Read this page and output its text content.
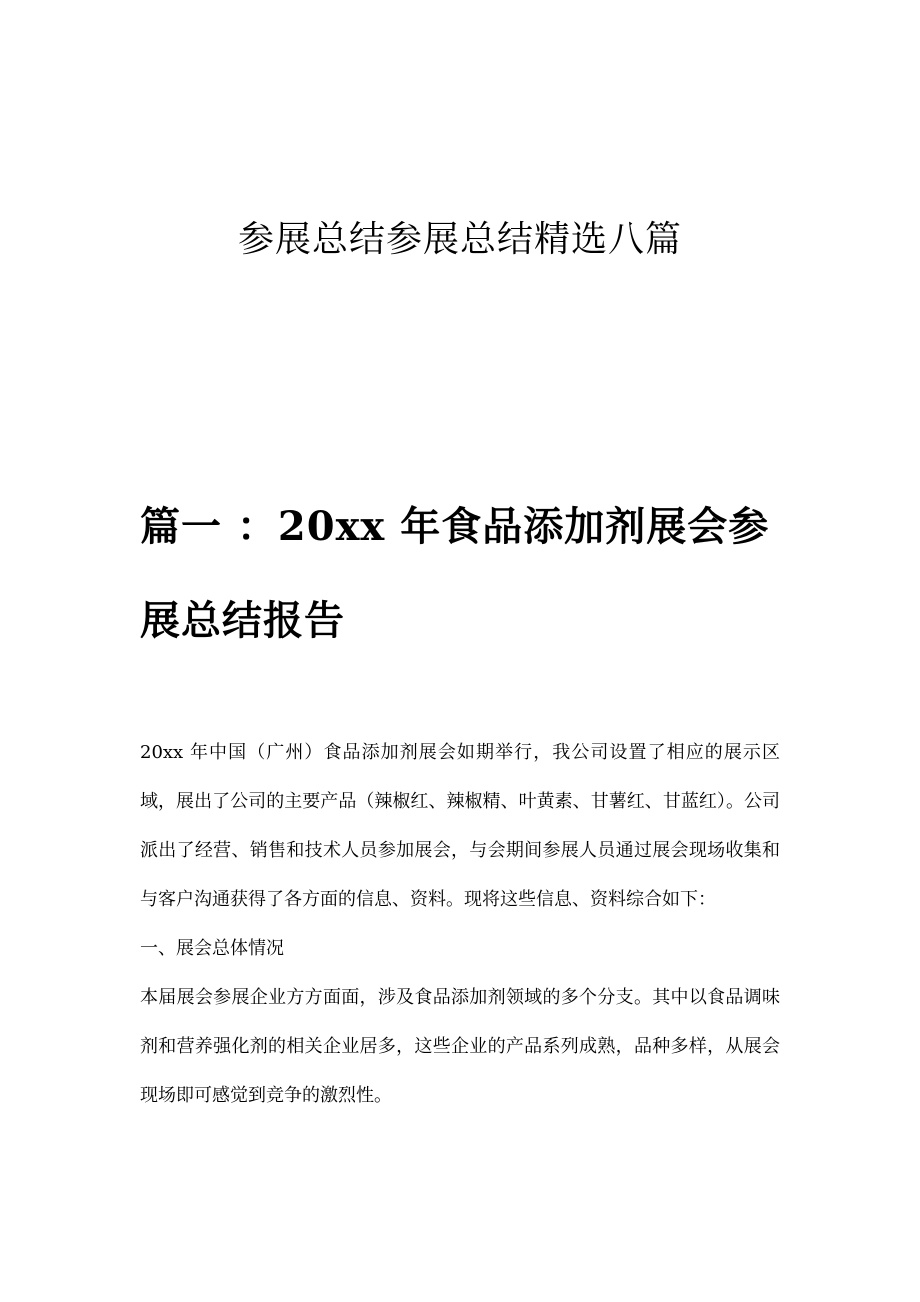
参展总结参展总结精选八篇
篇一 ：20xx 年食品添加剂展会参展总结报告

20xx 年中国（广州）食品添加剂展会如期举行，我公司设置了相应的展示区域，展出了公司的主要产品（辣椒红、辣椒精、叶黄素、甘薯红、甘蓝红）。公司派出了经营、销售和技术人员参加展会，与会期间参展人员通过展会现场收集和与客户沟通获得了各方面的信息、资料。现将这些信息、资料综合如下：

一、展会总体情况

本届展会参展企业方方面面，涉及食品添加剂领域的多个分支。其中以食品调味剂和营养强化剂的相关企业居多，这些企业的产品系列成熟，品种多样，从展会现场即可感觉到竞争的激烈性。
